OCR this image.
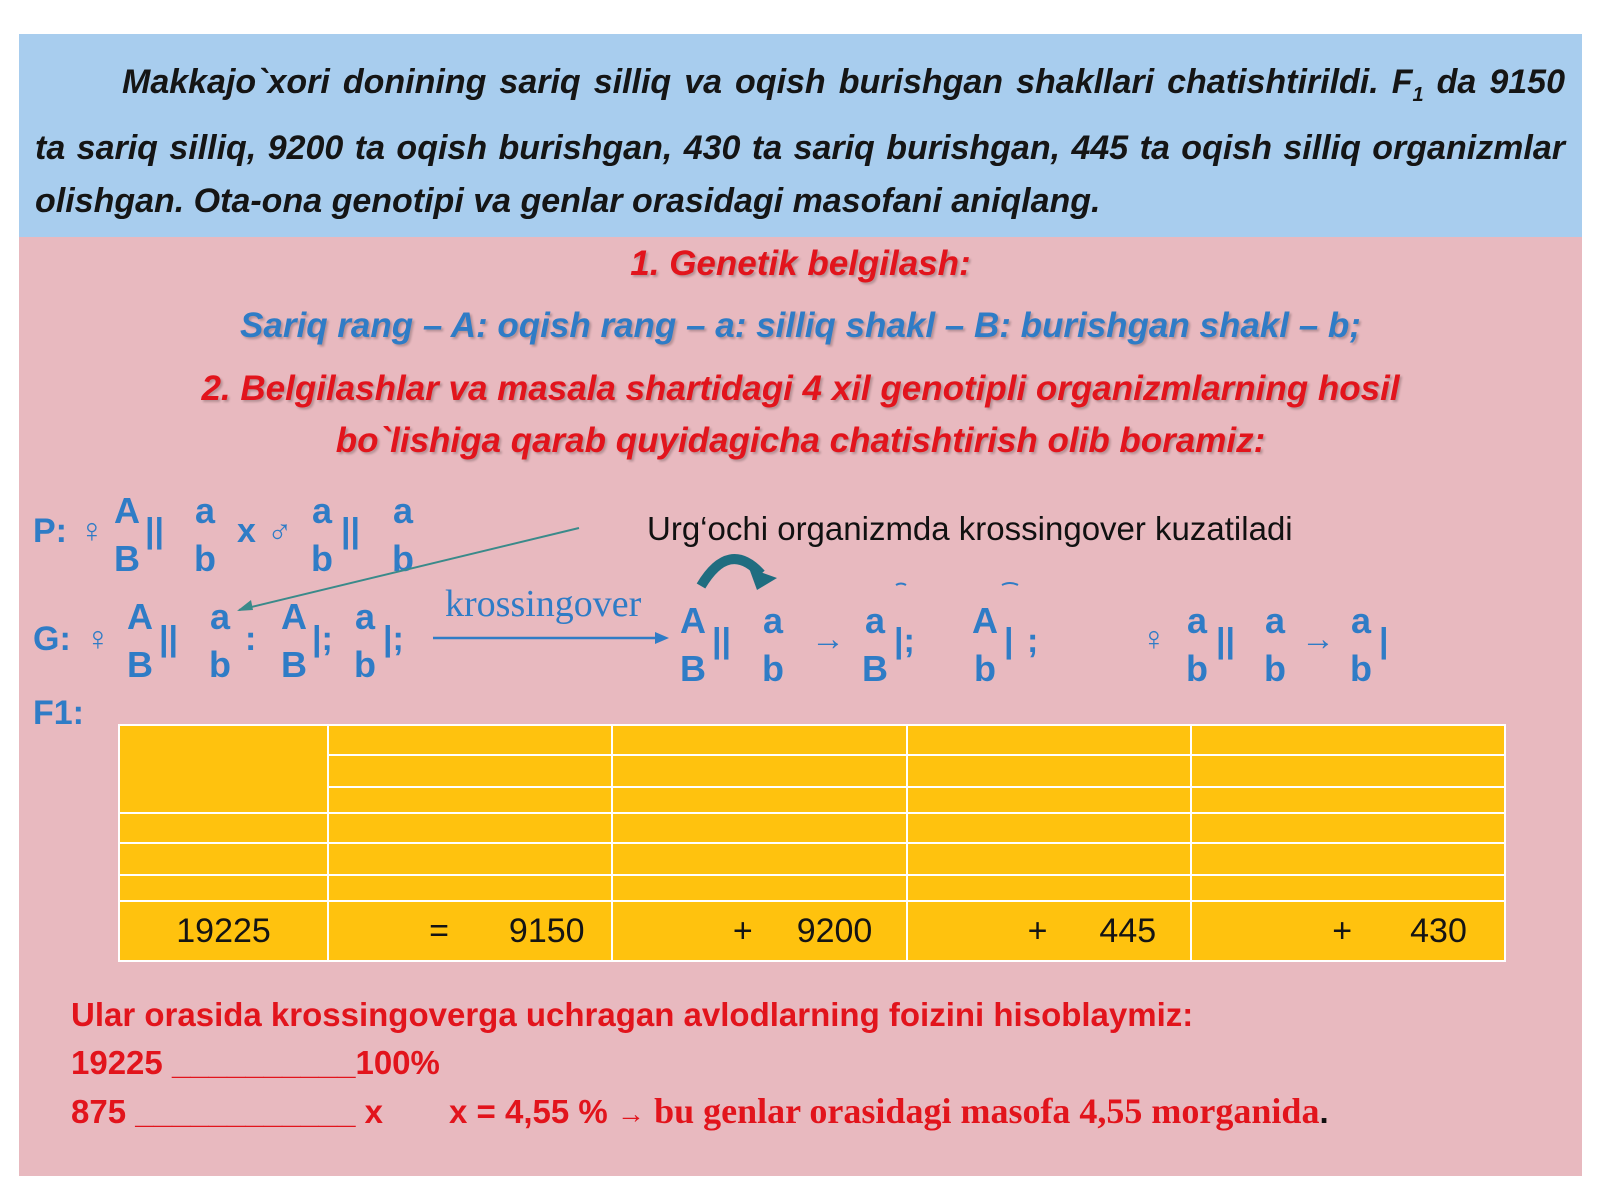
Makkajo`xori donining sariq silliq va oqish burishgan shakllari chatishtirildi. $F_1$ da 9150 ta sariq silliq, 9200 ta oqish burishgan, 430 ta sariq burishgan, 445 ta oqish silliq organizmlar olishgan. Ota-ona genotipi va genlar orasidagi masofani aniqlang.
1. Genetik belgilash:
Sariq rang – A: oqish rang – a: silliq shakl – B: burishgan shakl – b;
2. Belgilashlar va masala shartidagi 4 xil genotipli organizmlarning hosil
bo`lishiga qarab quyidagicha chatishtirish olib boramiz:
P: ♀ A
B
|| a
b
x ♂ a
b
|| a
b
Urg‘ochi organizmda krossingover kuzatiladi
G: ♀
A
B
||
a
b
:
A
B
|;
a
b
|;
krossingover A
B
|| a
b
→ a
B
|; A
b
| ;	♀ a
b
|| a
b
→ a
b
|
F1:

19225	= 9150	+ 9200	+ 445	+ 430
Ular orasida krossingoverga uchragan avlodlarning foizini hisoblaymiz:
19225 __________100%
875 ____________ x x = 4,55 % → bu genlar orasidagi masofa 4,55 morganida.
